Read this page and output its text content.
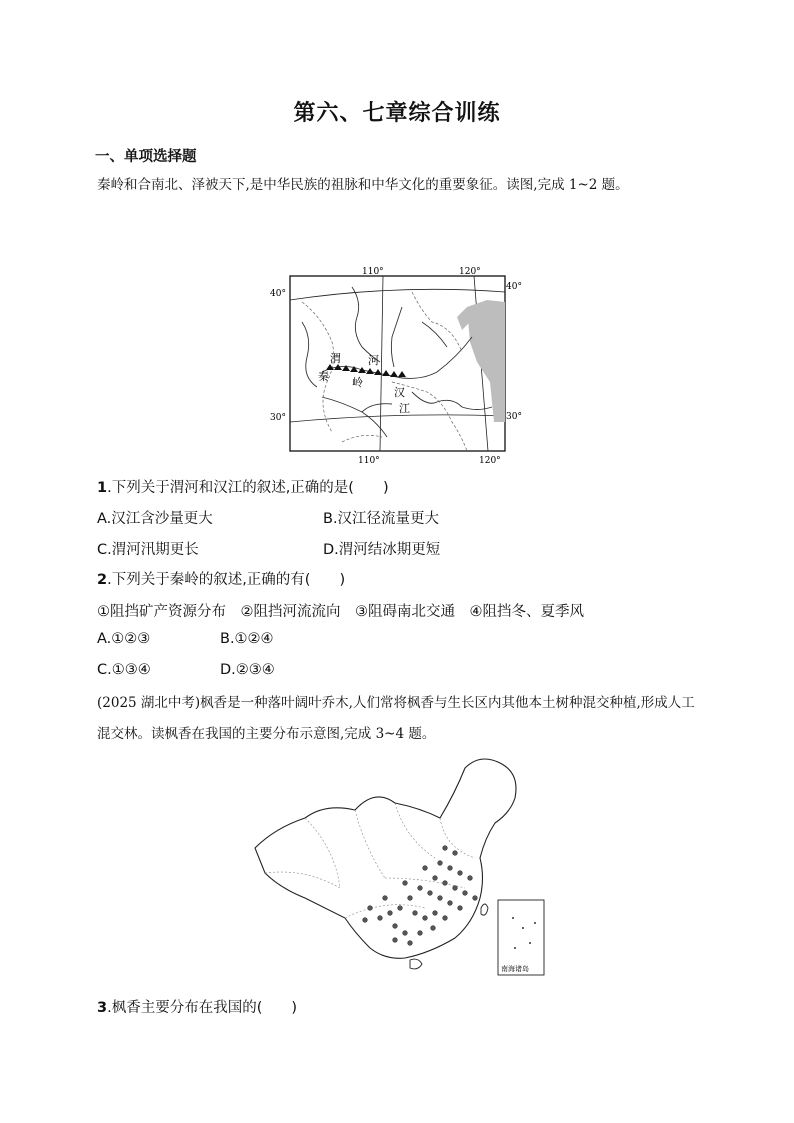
第六、七章综合训练
一、单项选择题
秦岭和合南北、泽被天下,是中华民族的祖脉和中华文化的重要象征。读图,完成 1~2 题。
110°	120°
110°	120°
40°
40°
30°	30°
渭 河
秦 岭
汉
江
1.下列关于渭河和汉江的叙述,正确的是(　　)
A.汉江含沙量更大	B.汉江径流量更大
C.渭河汛期更长	D.渭河结冰期更短
2.下列关于秦岭的叙述,正确的有(　　)
①阻挡矿产资源分布　②阻挡河流流向　③阻碍南北交通　④阻挡冬、夏季风
A.①②③	B.①②④
C.①③④	D.②③④
(2025 湖北中考)枫香是一种落叶阔叶乔木,人们常将枫香与生长区内其他本土树种混交种植,形成人工混交林。读枫香在我国的主要分布示意图,完成 3~4 题。
南海诸岛
3.枫香主要分布在我国的(　　)
